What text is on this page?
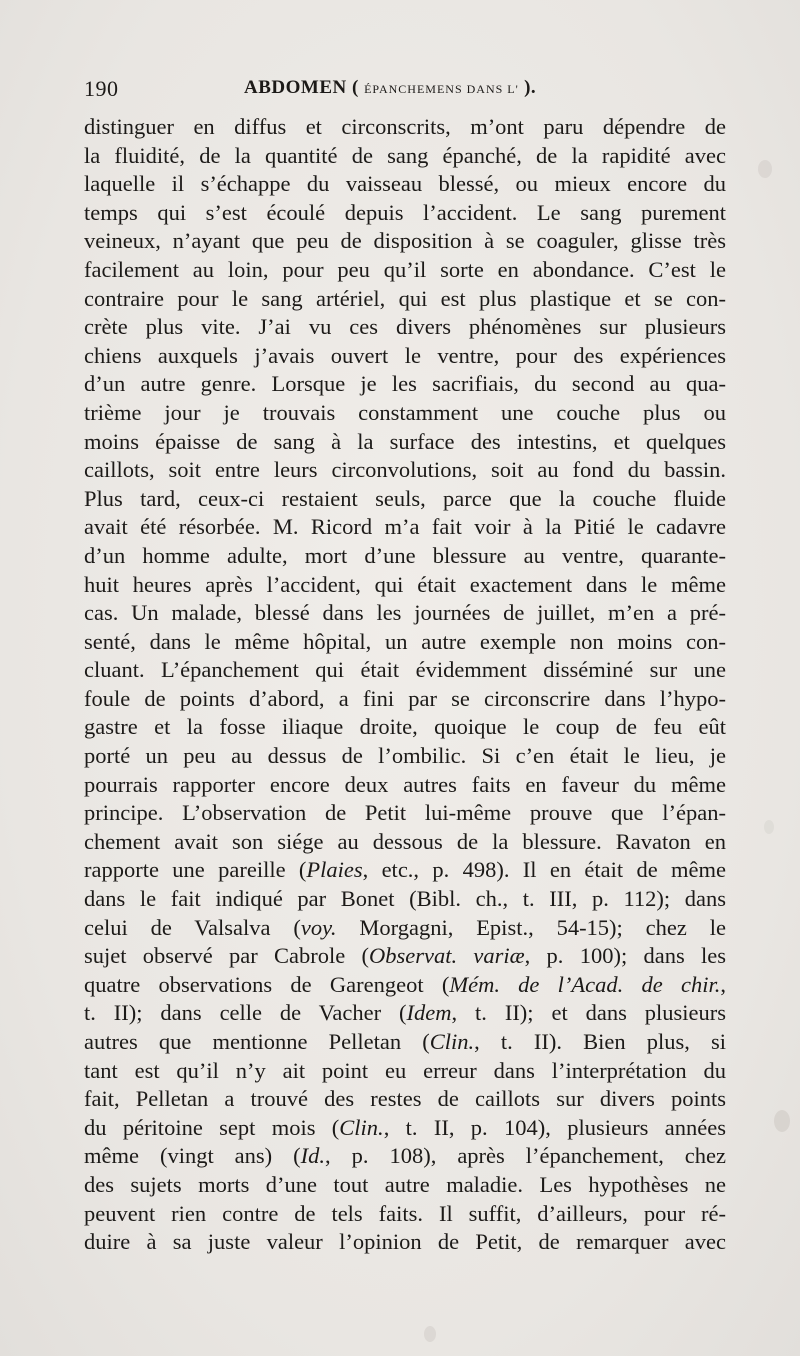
190	ABDOMEN ( ÉPANCHEMENS DANS L' ).
distinguer en diffus et circonscrits, m’ont paru dépendre de
la fluidité, de la quantité de sang épanché, de la rapidité avec
laquelle il s’échappe du vaisseau blessé, ou mieux encore du
temps qui s’est écoulé depuis l’accident. Le sang purement
veineux, n’ayant que peu de disposition à se coaguler, glisse très
facilement au loin, pour peu qu’il sorte en abondance. C’est le
contraire pour le sang artériel, qui est plus plastique et se con-
crète plus vite. J’ai vu ces divers phénomènes sur plusieurs
chiens auxquels j’avais ouvert le ventre, pour des expériences
d’un autre genre. Lorsque je les sacrifiais, du second au qua-
trième jour je trouvais constamment une couche plus ou
moins épaisse de sang à la surface des intestins, et quelques
caillots, soit entre leurs circonvolutions, soit au fond du bassin.
Plus tard, ceux-ci restaient seuls, parce que la couche fluide
avait été résorbée. M. Ricord m’a fait voir à la Pitié le cadavre
d’un homme adulte, mort d’une blessure au ventre, quarante-
huit heures après l’accident, qui était exactement dans le même
cas. Un malade, blessé dans les journées de juillet, m’en a pré-
senté, dans le même hôpital, un autre exemple non moins con-
cluant. L’épanchement qui était évidemment disséminé sur une
foule de points d’abord, a fini par se circonscrire dans l’hypo-
gastre et la fosse iliaque droite, quoique le coup de feu eût
porté un peu au dessus de l’ombilic. Si c’en était le lieu, je
pourrais rapporter encore deux autres faits en faveur du même
principe. L’observation de Petit lui-même prouve que l’épan-
chement avait son siége au dessous de la blessure. Ravaton en
rapporte une pareille (Plaies, etc., p. 498). Il en était de même
dans le fait indiqué par Bonet (Bibl. ch., t. III, p. 112); dans
celui de Valsalva (voy. Morgagni, Epist., 54-15); chez le
sujet observé par Cabrole (Observat. variæ, p. 100); dans les
quatre observations de Garengeot (Mém. de l’Acad. de chir.,
t. II); dans celle de Vacher (Idem, t. II); et dans plusieurs
autres que mentionne Pelletan (Clin., t. II). Bien plus, si
tant est qu’il n’y ait point eu erreur dans l’interprétation du
fait, Pelletan a trouvé des restes de caillots sur divers points
du péritoine sept mois (Clin., t. II, p. 104), plusieurs années
même (vingt ans) (Id., p. 108), après l’épanchement, chez
des sujets morts d’une tout autre maladie. Les hypothèses ne
peuvent rien contre de tels faits. Il suffit, d’ailleurs, pour ré-
duire à sa juste valeur l’opinion de Petit, de remarquer avec
